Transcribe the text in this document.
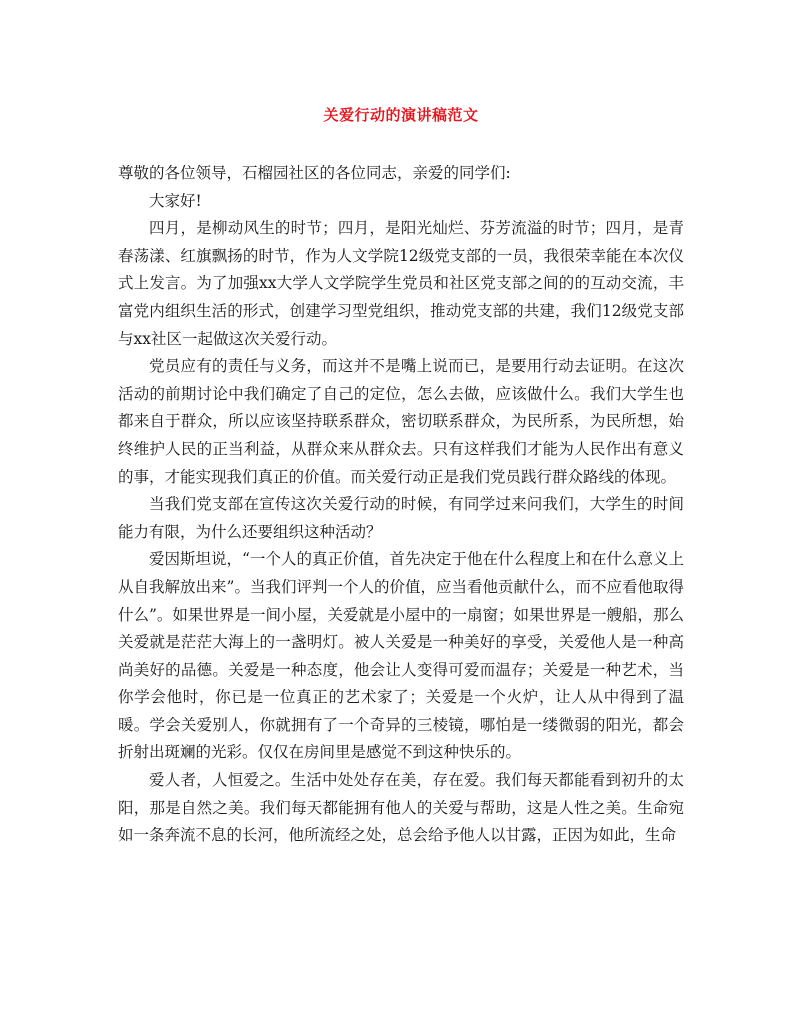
关爱行动的演讲稿范文

尊敬的各位领导，石榴园社区的各位同志，亲爱的同学们:

大家好!

四月，是柳动风生的时节；四月，是阳光灿烂、芬芳流溢的时节；四月，是青春荡漾、红旗飘扬的时节，作为人文学院12级党支部的一员，我很荣幸能在本次仪式上发言。为了加强xx大学人文学院学生党员和社区党支部之间的的互动交流，丰富党内组织生活的形式，创建学习型党组织，推动党支部的共建，我们12级党支部与xx社区一起做这次关爱行动。

党员应有的责任与义务，而这并不是嘴上说而已，是要用行动去证明。在这次活动的前期讨论中我们确定了自己的定位，怎么去做，应该做什么。我们大学生也都来自于群众，所以应该坚持联系群众，密切联系群众，为民所系，为民所想，始终维护人民的正当利益，从群众来从群众去。只有这样我们才能为人民作出有意义的事，才能实现我们真正的价值。而关爱行动正是我们党员践行群众路线的体现。

当我们党支部在宣传这次关爱行动的时候，有同学过来问我们，大学生的时间能力有限，为什么还要组织这种活动？

爱因斯坦说，“一个人的真正价值，首先决定于他在什么程度上和在什么意义上从自我解放出来”。当我们评判一个人的价值，应当看他贡献什么，而不应看他取得什么”。如果世界是一间小屋，关爱就是小屋中的一扇窗；如果世界是一艘船，那么关爱就是茫茫大海上的一盏明灯。被人关爱是一种美好的享受，关爱他人是一种高尚美好的品德。关爱是一种态度，他会让人变得可爱而温存；关爱是一种艺术，当你学会他时，你已是一位真正的艺术家了；关爱是一个火炉，让人从中得到了温暖。学会关爱别人，你就拥有了一个奇异的三棱镜，哪怕是一缕微弱的阳光，都会折射出斑斓的光彩。仅仅在房间里是感觉不到这种快乐的。

爱人者，人恒爱之。生活中处处存在美，存在爱。我们每天都能看到初升的太阳，那是自然之美。我们每天都能拥有他人的关爱与帮助，这是人性之美。生命宛如一条奔流不息的长河，他所流经之处，总会给予他人以甘露，正因为如此，生命
